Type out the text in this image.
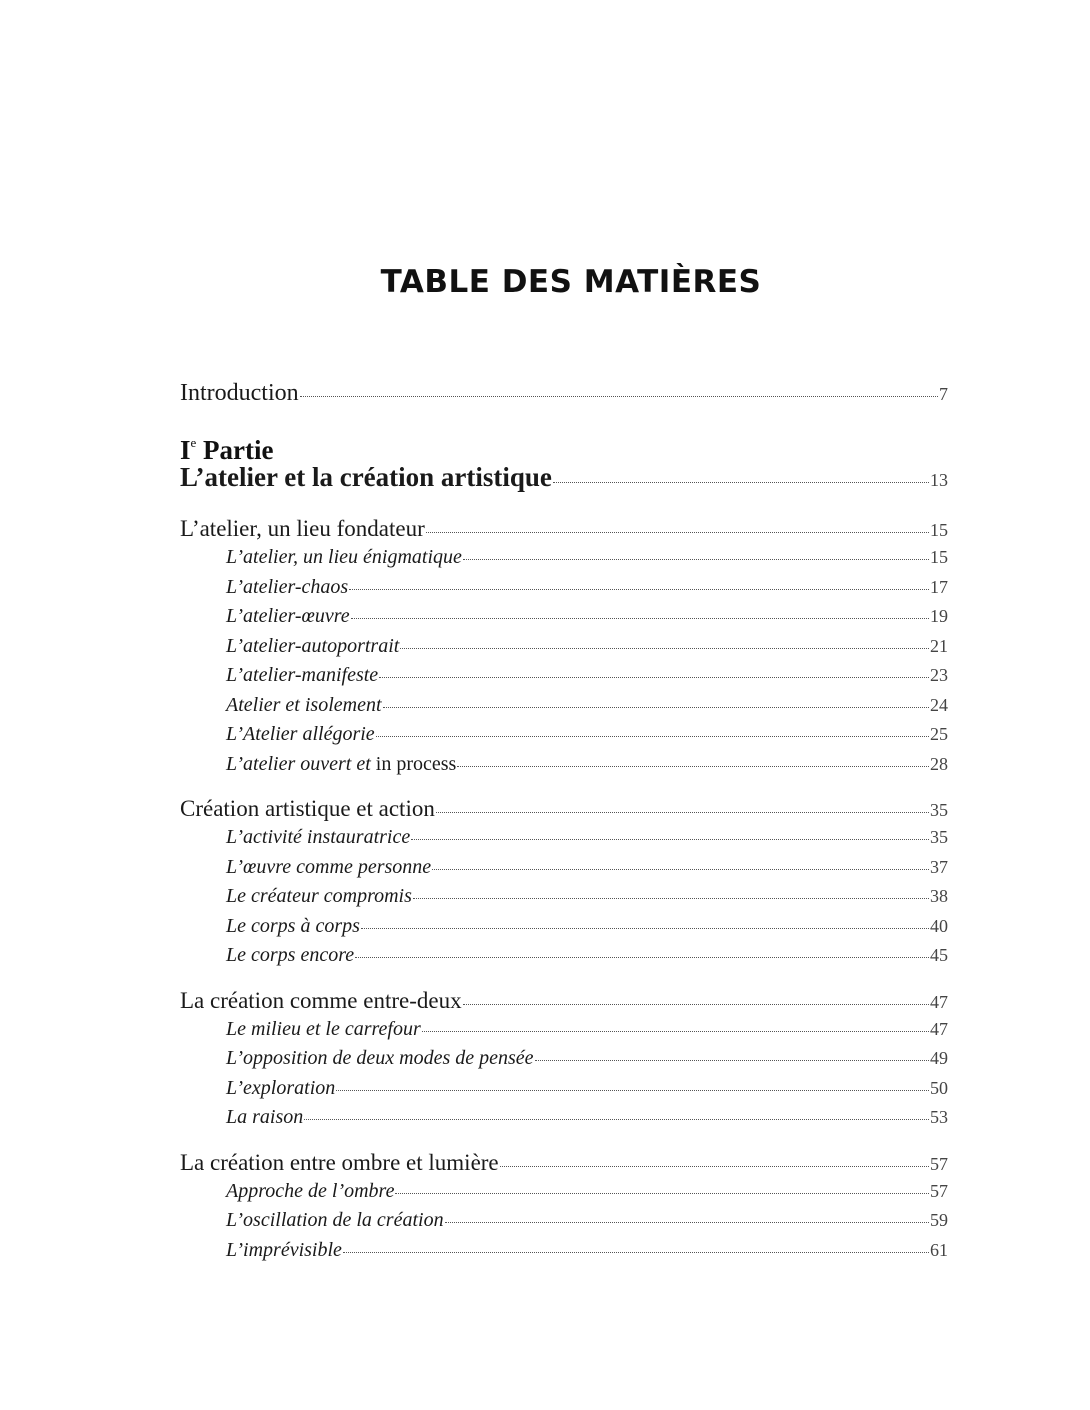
TABLE DES MATIÈRES
Introduction	7
Ie Partie
L’atelier et la création artistique	13
L’atelier, un lieu fondateur	15
L’atelier, un lieu énigmatique	15
L’atelier-chaos	17
L’atelier-œuvre	19
L’atelier-autoportrait	21
L’atelier-manifeste	23
Atelier et isolement	24
L’Atelier allégorie	25
L’atelier ouvert et in process	28
Création artistique et action	35
L’activité instauratrice	35
L’œuvre comme personne	37
Le créateur compromis	38
Le corps à corps	40
Le corps encore	45
La création comme entre-deux	47
Le milieu et le carrefour	47
L’opposition de deux modes de pensée	49
L’exploration	50
La raison	53
La création entre ombre et lumière	57
Approche de l’ombre	57
L’oscillation de la création	59
L’imprévisible	61
